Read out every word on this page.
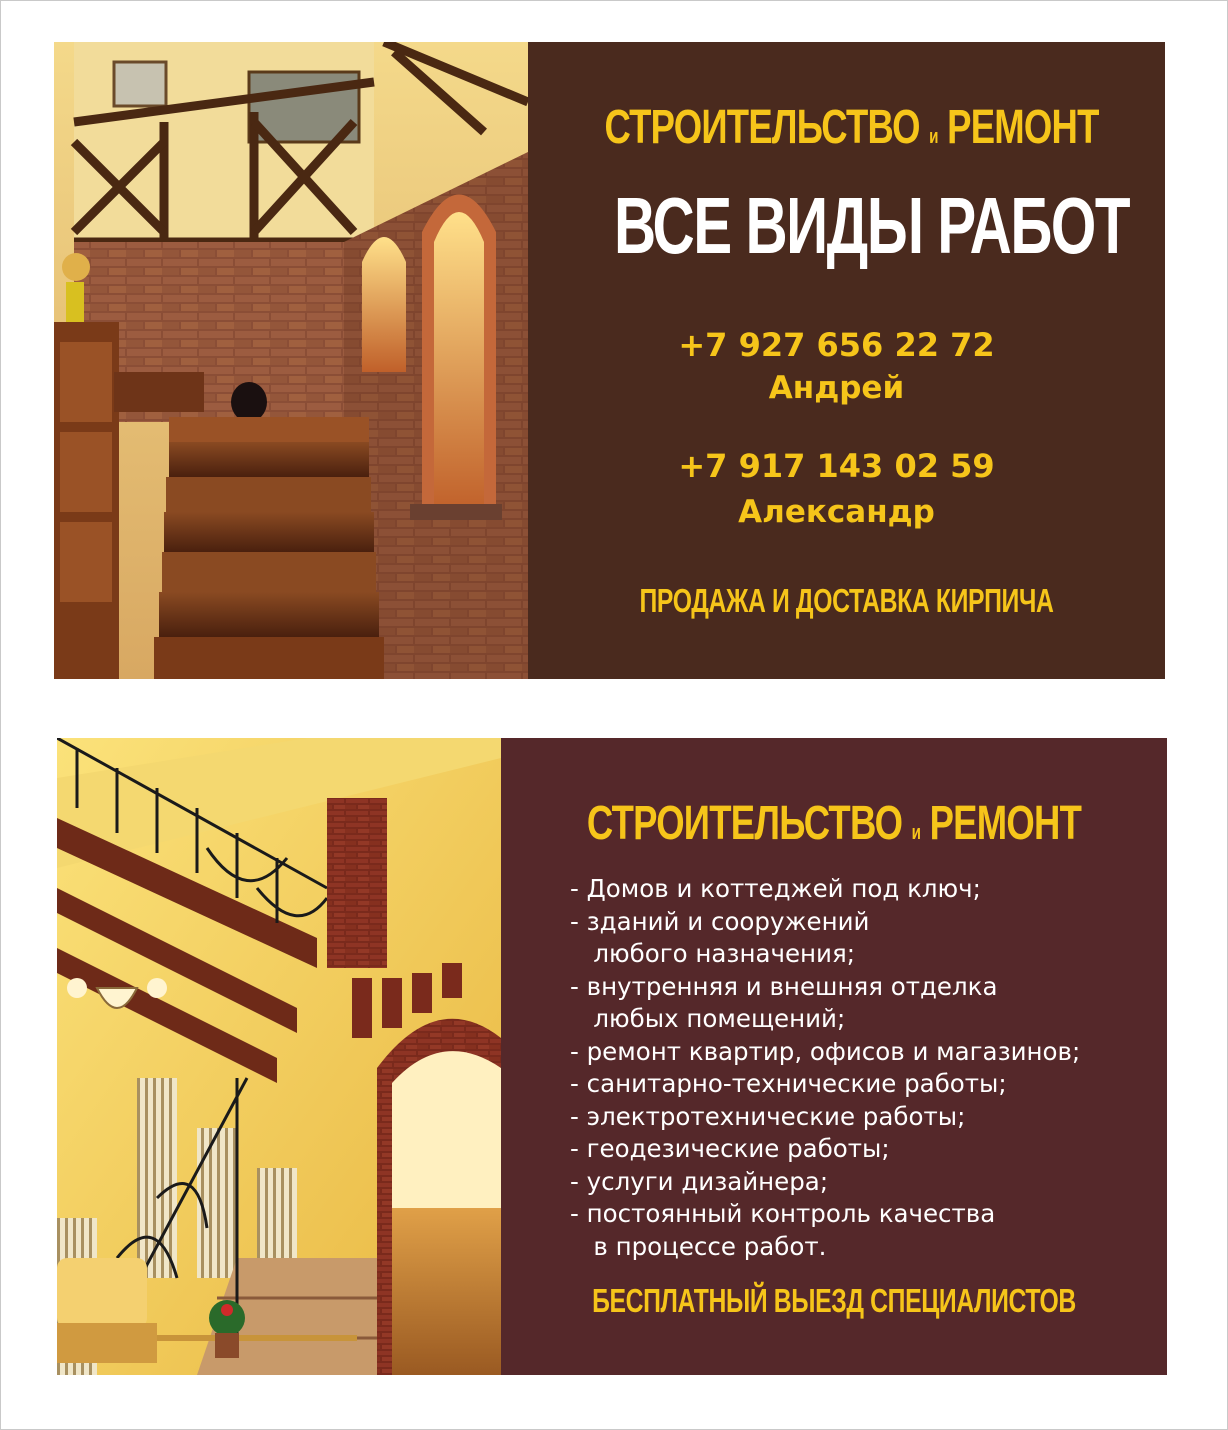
СТРОИТЕЛЬСТВО и РЕМОНТ
ВСЕ ВИДЫ РАБОТ
+7 927 656 22 72
Андрей
+7 917 143 02 59
Александр
ПРОДАЖА И ДОСТАВКА КИРПИЧА
СТРОИТЕЛЬСТВО и РЕМОНТ
- Домов и коттеджей под ключ;
- зданий и сооружений
любого назначения;
- внутренняя и внешняя отделка
любых помещений;
- ремонт квартир, офисов и магазинов;
- санитарно-технические работы;
- электротехнические работы;
- геодезические работы;
- услуги дизайнера;
- постоянный контроль качества
в процессе работ.
БЕСПЛАТНЫЙ ВЫЕЗД СПЕЦИАЛИСТОВ
